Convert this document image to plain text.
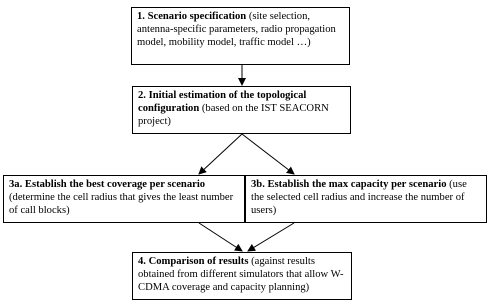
1. Scenario specification (site selection, antenna-specific parameters, radio propagation model, mobility model, traffic model …)
2. Initial estimation of the topological configuration (based on the IST SEACORN project)
3a. Establish the best coverage per scenario (determine the cell radius that gives the least number of call blocks)
3b. Establish the max capacity per scenario (use the selected cell radius and increase the number of users)
4. Comparison of results (against results obtained from different simulators that allow W-CDMA coverage and capacity planning)
